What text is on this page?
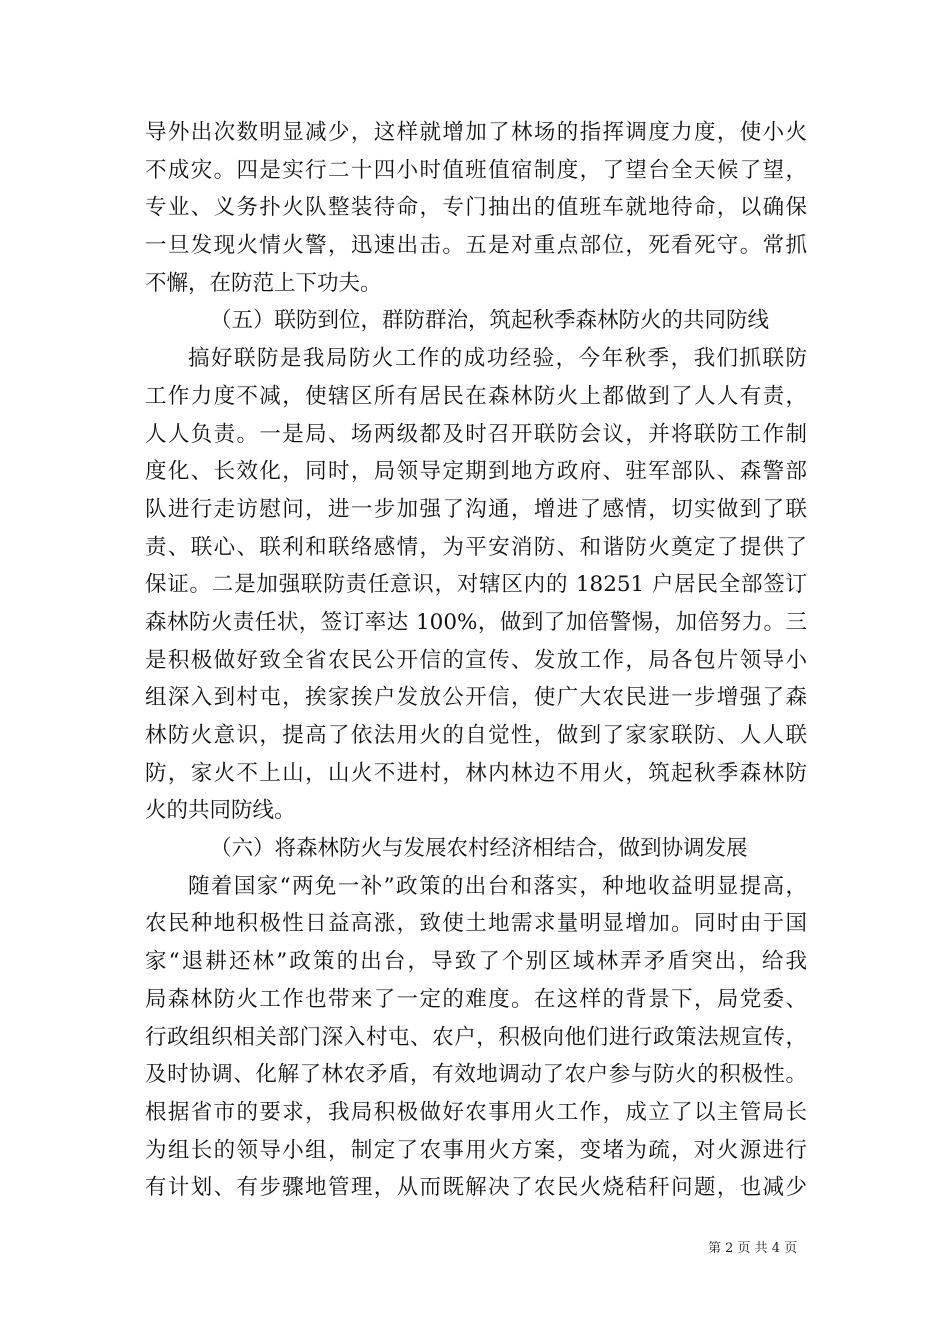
导外出次数明显减少，这样就增加了林场的指挥调度力度，使小火
不成灾。四是实行二十四小时值班值宿制度，了望台全天候了望，
专业、义务扑火队整装待命，专门抽出的值班车就地待命，以确保
一旦发现火情火警，迅速出击。五是对重点部位，死看死守。常抓
不懈，在防范上下功夫。
（五）联防到位，群防群治，筑起秋季森林防火的共同防线
搞好联防是我局防火工作的成功经验，今年秋季，我们抓联防
工作力度不减，使辖区所有居民在森林防火上都做到了人人有责，
人人负责。一是局、场两级都及时召开联防会议，并将联防工作制
度化、长效化，同时，局领导定期到地方政府、驻军部队、森警部
队进行走访慰问，进一步加强了沟通，增进了感情，切实做到了联
责、联心、联利和联络感情，为平安消防、和谐防火奠定了提供了
保证。二是加强联防责任意识，对辖区内的 18251 户居民全部签订
森林防火责任状，签订率达 100%，做到了加倍警惕，加倍努力。三
是积极做好致全省农民公开信的宣传、发放工作，局各包片领导小
组深入到村屯，挨家挨户发放公开信，使广大农民进一步增强了森
林防火意识，提高了依法用火的自觉性，做到了家家联防、人人联
防，家火不上山，山火不进村，林内林边不用火，筑起秋季森林防
火的共同防线。
（六）将森林防火与发展农村经济相结合，做到协调发展
随着国家“两免一补”政策的出台和落实，种地收益明显提高，
农民种地积极性日益高涨，致使土地需求量明显增加。同时由于国
家“退耕还林”政策的出台，导致了个别区域林弄矛盾突出，给我
局森林防火工作也带来了一定的难度。在这样的背景下，局党委、
行政组织相关部门深入村屯、农户，积极向他们进行政策法规宣传，
及时协调、化解了林农矛盾，有效地调动了农户参与防火的积极性。
根据省市的要求，我局积极做好农事用火工作，成立了以主管局长
为组长的领导小组，制定了农事用火方案，变堵为疏，对火源进行
有计划、有步骤地管理，从而既解决了农民火烧秸秆问题，也减少
第 2 页 共 4 页
